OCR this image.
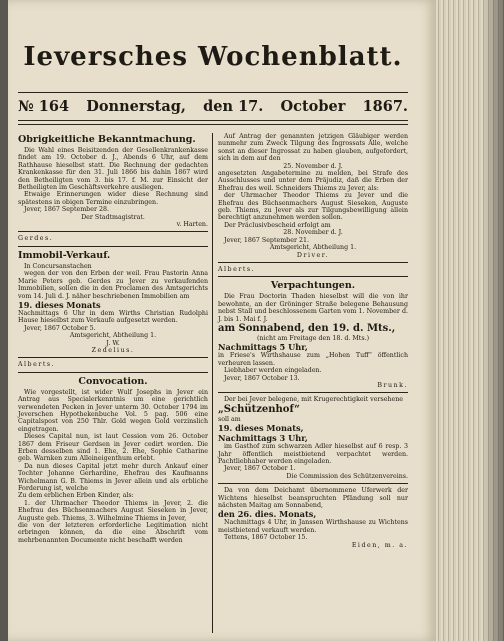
Ieversches Wochenblatt.
№ 164 Donnerstag, den 17. October 1867.
Obrigkeitliche Bekanntmachung.

Die Wahl eines Beisitzenden der Gesellenkrankenkasse findet am 19. October d. J., Abends 6 Uhr, auf dem Rathhause hieselbst statt. Die Rechnung der gedachten Krankenkasse für den 31. Juli 1866 bis dahin 1867 wird den Betheiligten vom 3. bis 17. f. M. zur Einsicht der Betheiligten im Geschäftsverkehre ausliegen.

Etwaige Erinnerungen wider diese Rechnung sind spätestens in obigen Termine einzubringen.

Jever, 1867 September 28.

Der Stadtmagistrat.

v. Harten.

Gerdes.

Immobil-Verkauf.

In Concursanstachen

wegen der von den Erben der weil. Frau Pastorin Anna Marie Peters geb. Gerdes zu Jever zu verkaufenden Immobilien, sollen die in den Proclamen des Amtsgerichts vom 14. Juli d. J. näher beschriebenen Immobilien am

19. dieses Monats

Nachmittags 6 Uhr in dem Wirths Christian Rudolphi Hause hieselbst zum Verkaufe aufgesetzt werden.

Jever, 1867 October 5.

Amtsgericht, Abtheilung 1.

J. W.

Zedelius.

Alberts.

Convocation.

Wie vorgestellt, ist wider Wulf Josephs in Jever ein Antrag aus Specialerkenntnis um eine gerichtlich verwendeten Pecken in Jever unterm 30. October 1794 im Jeverschen Hypothekenbuche Vol. 5 pag. 506 eine Capitalspost von 250 Thlr. Gold wegen Gold verzinslich eingetragen.

Dieses Capital nun, ist laut Cession vom 26. October 1867 dem Friseur Gerdsen in Jever cedirt worden. Die Erben desselben sind 1. Ehe, 2. Ehe, Sophie Catharine geb. Warnken zum Alleineigenthum erlebt.

Da nun dieses Capital jetzt mehr durch Ankauf einer Tochter Johanne Gerhardine, Ehefrau des Kaufmanns Wichelmann G. B. Thiems in Jever allein und als erbliche Forderung ist, welche

Zu dem erblichen Erben Kinder, als:

1. der Uhrmacher Theodor Thiems in Jever, 2. die Ehefrau des Büchsenmachers August Sieseken in Jever, Auguste geb. Thiems, 3. Wilhelmine Thiems in Jever,

die von der letzteren erforderliche Legitimation nicht erbringen können, da die eine Abschrift vom mehrbenannten Documente nicht beschafft werden

Auf Antrag der genannten jetzigen Gläubiger werden nunmehr zum Zweck Tilgung des Ingrossats Alle, welche sonst an dieser Ingrossat zu haben glauben, aufgefordert, sich in dem auf den

25. November d. J.

angesetzten Angabetermine zu melden, bei Strafe des Ausschlusses und unter dem Präjudiz, daß die Erben der Ehefrau des weil. Schneiders Thiems zu Jever, als:

der Uhrmacher Theodor Thiems zu Jever und die Ehefrau des Büchsenmachers August Sieseken, Auguste geb. Thiems, zu Jever als zur Tilgungsbewilligung allein berechtigt anzunehmen werden sollen.

Der Präclusivbescheid erfolgt am

28. November d. J.

Jever, 1867 September 21.

Amtsgericht, Abtheilung 1.

Driver.

Alberts.

Verpachtungen.

Die Frau Doctorin Thaden hieselbst will die von ihr bewohnte, an der Gröninger Straße belegene Behausung nebst Stall und beschlossenem Garten vom 1. November d. J. bis 1. Mai f. J.

am Sonnabend, den 19. d. Mts.,

(nicht am Freitage den 18. d. Mts.)

Nachmittags 5 Uhr,

in Friese's Wirthshause zum „Hohen Tuff“ öffentlich verheuren lassen.

Liebhaber werden eingeladen.

Jever, 1867 October 13.

Brunk.

Der bei Jever belegene, mit Krugerechtigkeit versehene

„Schützenhof“

soll am

19. dieses Monats,

Nachmittags 3 Uhr,

im Gasthof zum schwarzen Adler hieselbst auf 6 resp. 3 Jahr öffentlich meistbietend verpachtet werden. Pachtliebhaber werden eingeladen.

Jever, 1867 October 1.

Die Commission des Schützenvereins.

Da von dem Deichamt übernommene Uferwerk der Wichtens hieselbst beanspruchten Pfändung soll nur nächsten Maitag am Sonnabend,

den 26. dies. Monats,

Nachmittags 4 Uhr, in Janssen Wirthshause zu Wichtens meistbietend verkauft werden.

Tettens, 1867 October 15.

Eiden, m. a.
